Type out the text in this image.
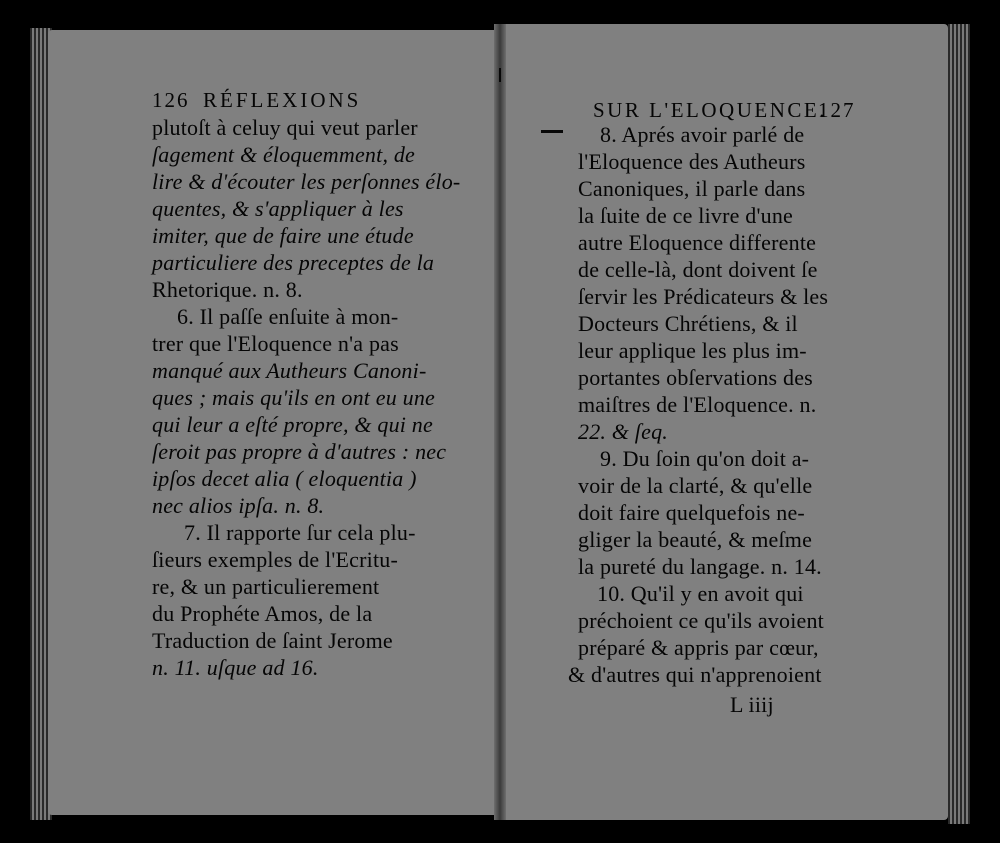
126 RÉFLEXIONS
plutoſt à celuy qui veut parler
ſagement & éloquemment, de
lire & d'écouter les perſonnes élo-
quentes, & s'appliquer à les
imiter, que de faire une étude
particuliere des preceptes de la
Rhetorique. n. 8.
6. Il paſſe enſuite à mon-
trer que l'Eloquence n'a pas
manqué aux Autheurs Canoni-
ques ; mais qu'ils en ont eu une
qui leur a eſté propre, & qui ne
ſeroit pas propre à d'autres : nec
ipſos decet alia ( eloquentia )
nec alios ipſa. n. 8.
7. Il rapporte ſur cela plu-
ſieurs exemples de l'Ecritu-
re, & un particulierement
du Prophéte Amos, de la
Traduction de ſaint Jerome
n. 11. uſque ad 16.
SUR L'ELOQUENCE.
127
8. Aprés avoir parlé de
l'Eloquence des Autheurs
Canoniques, il parle dans
la ſuite de ce livre d'une
autre Eloquence differente
de celle-là, dont doivent ſe
ſervir les Prédicateurs & les
Docteurs Chrétiens, & il
leur applique les plus im-
portantes obſervations des
maiſtres de l'Eloquence. n.
22. & ſeq.
9. Du ſoin qu'on doit a-
voir de la clarté, & qu'elle
doit faire quelquefois ne-
gliger la beauté, & meſme
la pureté du langage. n. 14.
10. Qu'il y en avoit qui
préchoient ce qu'ils avoient
préparé & appris par cœur,
& d'autres qui n'apprenoient
L iiij
